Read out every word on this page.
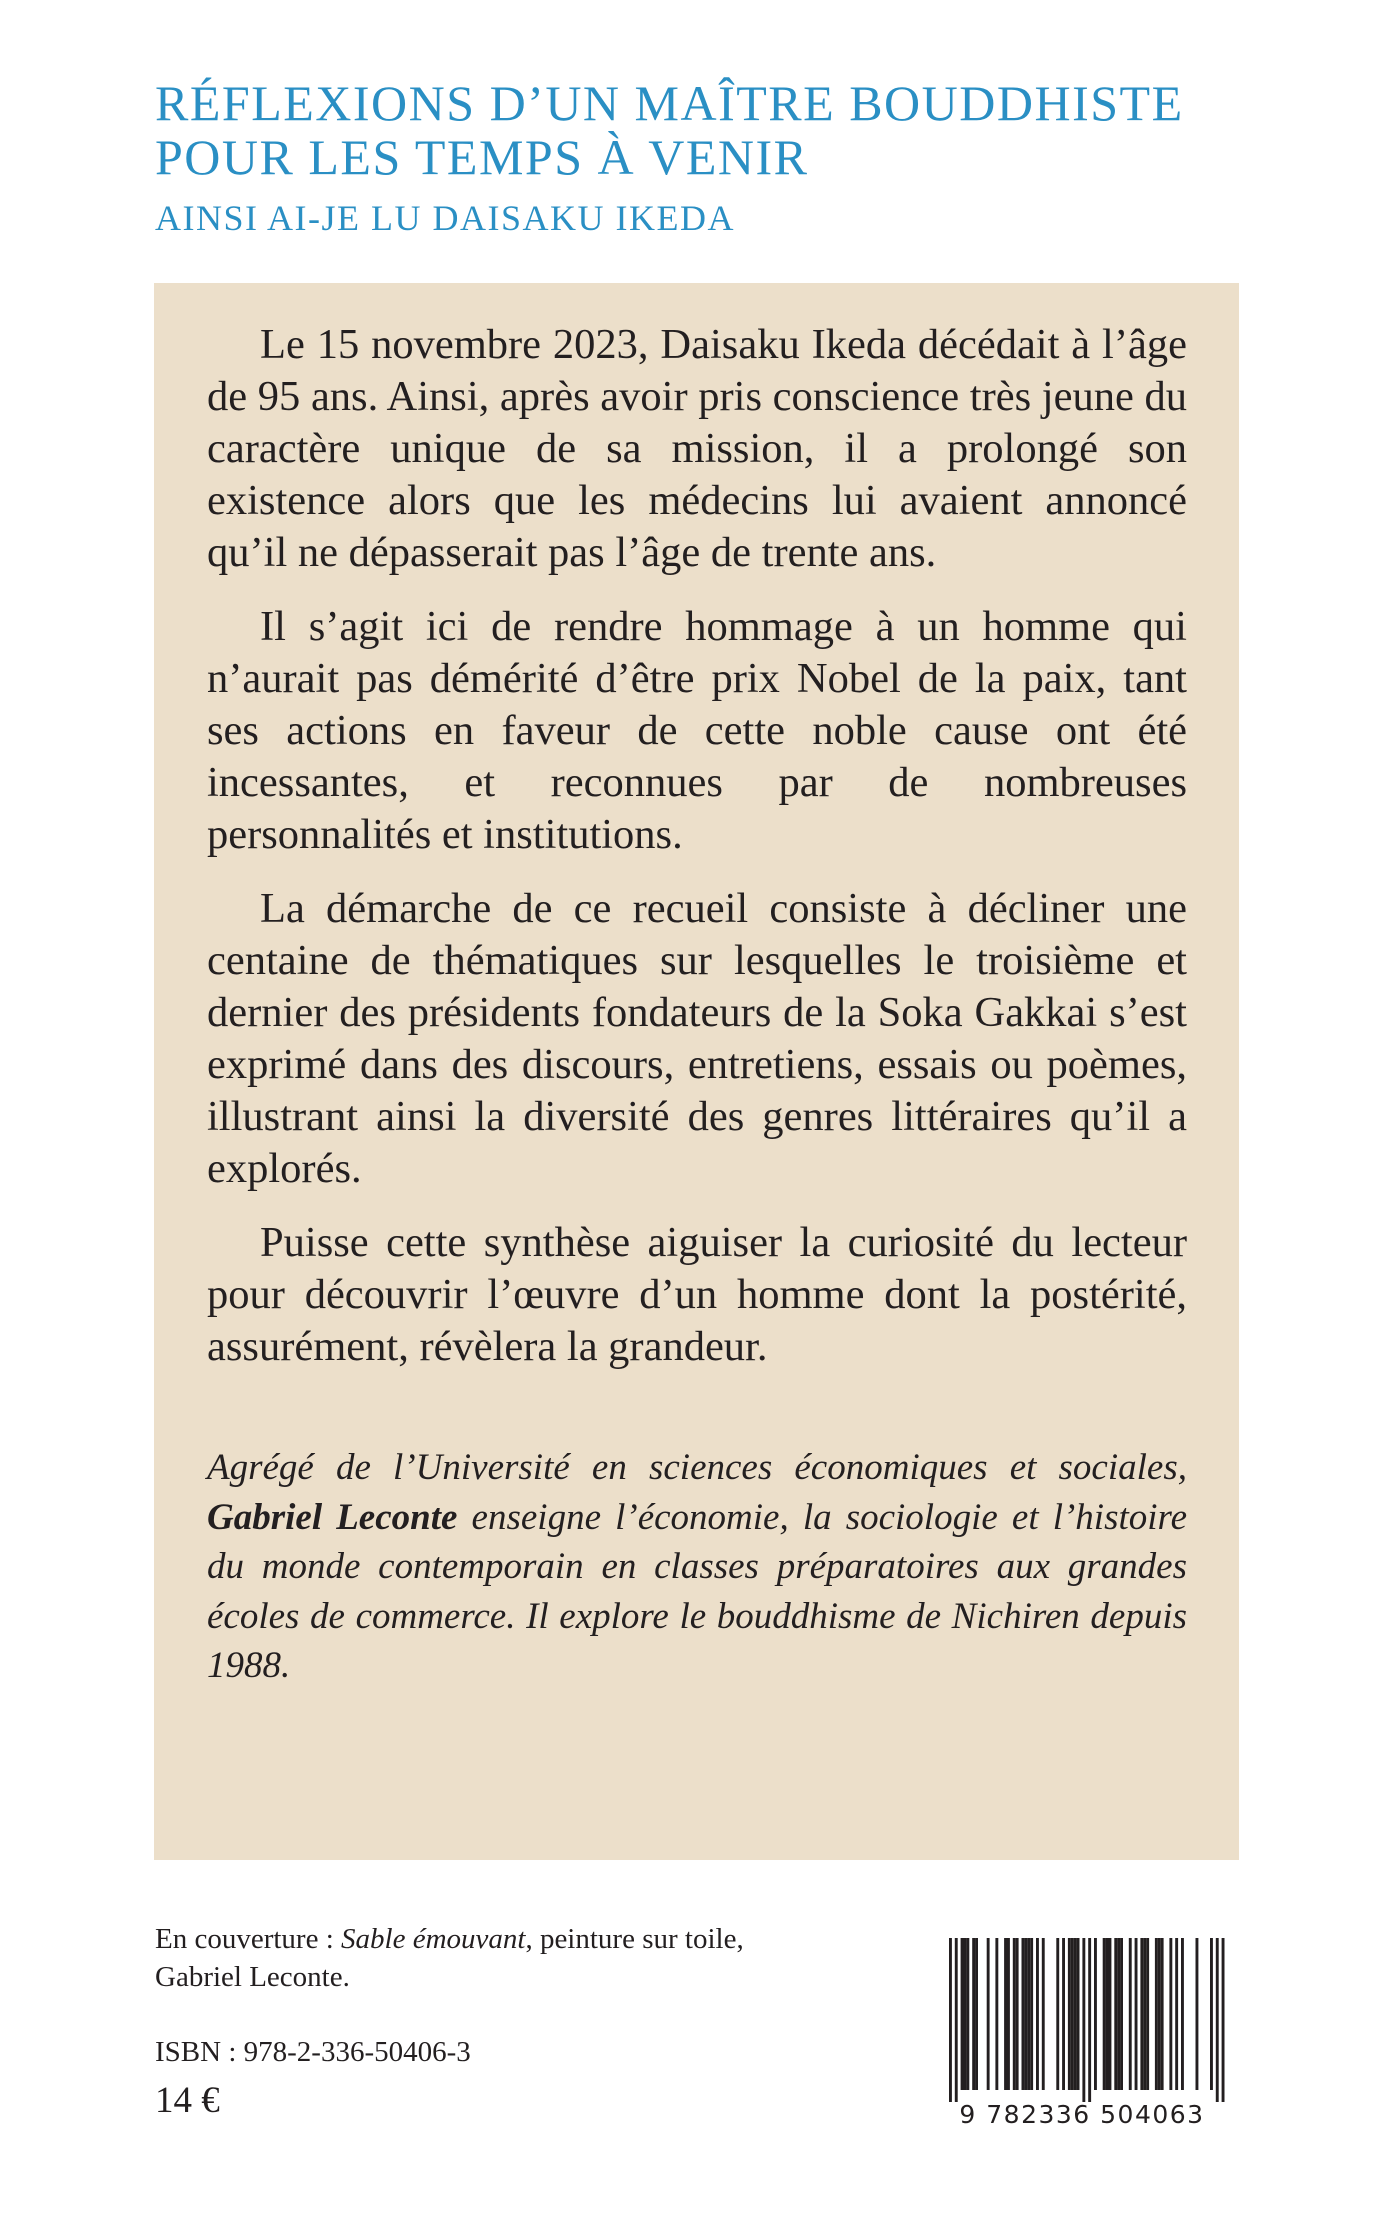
RÉFLEXIONS D’UN MAÎTRE BOUDDHISTE

POUR LES TEMPS À VENIR

AINSI AI-JE LU DAISAKU IKEDA

Le 15 novembre 2023, Daisaku Ikeda décédait à l’âge de 95 ans. Ainsi, après avoir pris conscience très jeune du caractère unique de sa mission, il a prolongé son existence alors que les médecins lui avaient annoncé qu’il ne dépasserait pas l’âge de trente ans.

Il s’agit ici de rendre hommage à un homme qui n’aurait pas démérité d’être prix Nobel de la paix, tant ses actions en faveur de cette noble cause ont été incessantes, et reconnues par de nombreuses personnalités et institutions.

La démarche de ce recueil consiste à décliner une centaine de thématiques sur lesquelles le troisième et dernier des présidents fondateurs de la Soka Gakkai s’est exprimé dans des discours, entretiens, essais ou poèmes, illustrant ainsi la diversité des genres littéraires qu’il a explorés.

Puisse cette synthèse aiguiser la curiosité du lecteur pour découvrir l’œuvre d’un homme dont la postérité, assurément, révèlera la grandeur.

Agrégé de l’Université en sciences économiques et sociales, Gabriel Leconte enseigne l’économie, la sociologie et l’histoire du monde contemporain en classes préparatoires aux grandes écoles de commerce. Il explore le bouddhisme de Nichiren depuis 1988.
En couverture : Sable émouvant, peinture sur toile, Gabriel Leconte.
ISBN : 978-2-336-50406-3
14 €	9 782336 504063
